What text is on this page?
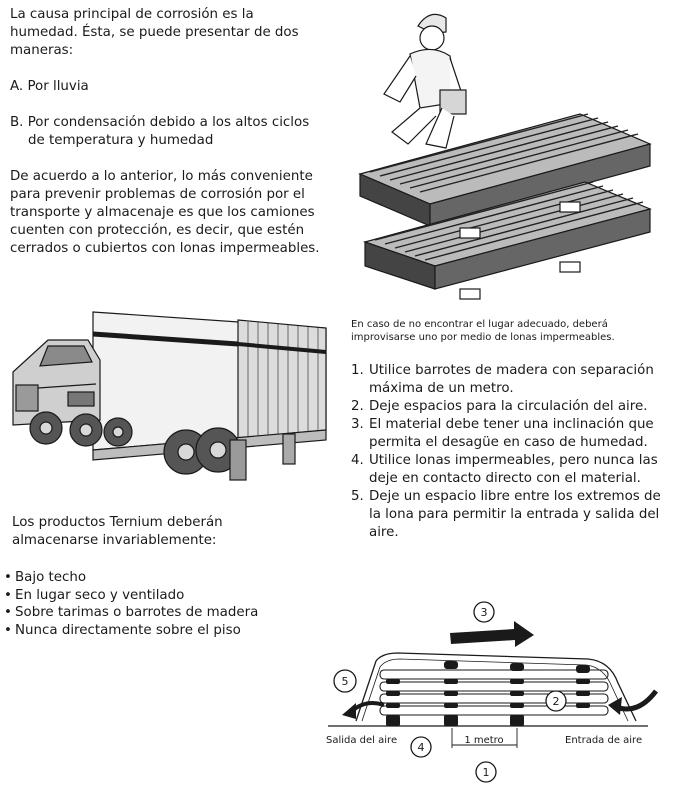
La causa principal de corrosión es la humedad. Ésta, se puede presentar de dos maneras:

A. Por lluvia

B. Por condensación debido a los altos ciclos de temperatura y humedad

De acuerdo a lo anterior, lo más conveniente para prevenir problemas de corrosión por el transporte y almacenaje es que los camiones cuenten con protección, es decir, que estén cerrados o cubiertos con lonas impermeables.

Los productos Ternium deberán almacenarse invariablemente:

• Bajo techo
• En lugar seco y ventilado
• Sobre tarimas o barrotes de madera
• Nunca directamente sobre el piso
En caso de no encontrar el lugar adecuado, deberá improvisarse uno por medio de lonas impermeables.
1. Utilice barrotes de madera con separación máxima de un metro.
2. Deje espacios para la circulación del aire.
3. El material debe tener una inclinación que permita el desagüe en caso de humedad.
4. Utilice lonas impermeables, pero nunca las deje en contacto directo con el material.
5. Deje un espacio libre entre los extremos de la lona para permitir la entrada y salida del aire.
3
5
2
4
1
Salida del aire	Entrada de aire
1 metro
